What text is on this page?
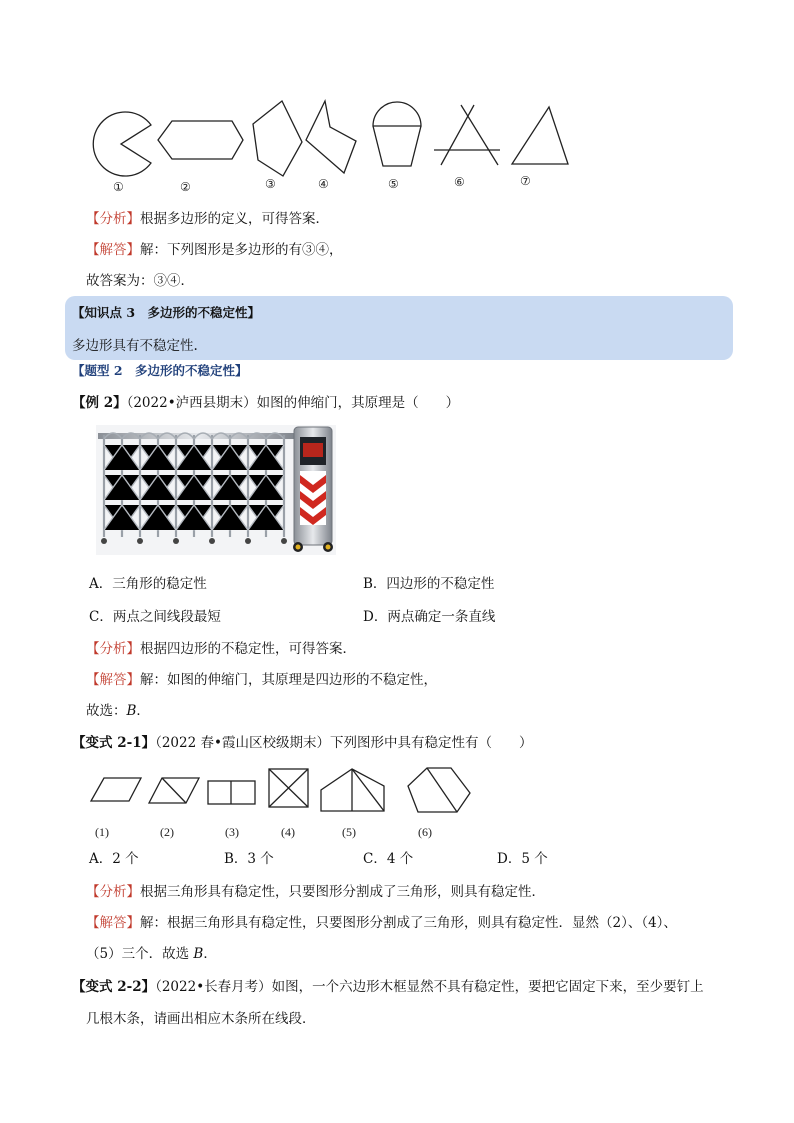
①	②	③	④	⑤	⑥	⑦
【分析】根据多边形的定义，可得答案．
【解答】解：下列图形是多边形的有③④，
故答案为：③④．
【知识点 3　多边形的不稳定性】
多边形具有不稳定性.
【题型 2　多边形的不稳定性】
【例 2】（2022•泸西县期末）如图的伸缩门，其原理是（　　）
A．三角形的稳定性	B．四边形的不稳定性
C．两点之间线段最短	D．两点确定一条直线
【分析】根据四边形的不稳定性，可得答案．
【解答】解：如图的伸缩门，其原理是四边形的不稳定性，
故选：B．
【变式 2-1】（2022 春•霞山区校级期末）下列图形中具有稳定性有（　　）
(1)	(2)	(3)	(4)	(5)	(6)
A．2 个	B．3 个	C．4 个	D．5 个
【分析】根据三角形具有稳定性，只要图形分割成了三角形，则具有稳定性．
【解答】解：根据三角形具有稳定性，只要图形分割成了三角形，则具有稳定性．显然（2）、（4）、
（5）三个．故选 B．
【变式 2-2】（2022•长春月考）如图，一个六边形木框显然不具有稳定性，要把它固定下来，至少要钉上
几根木条，请画出相应木条所在线段．
